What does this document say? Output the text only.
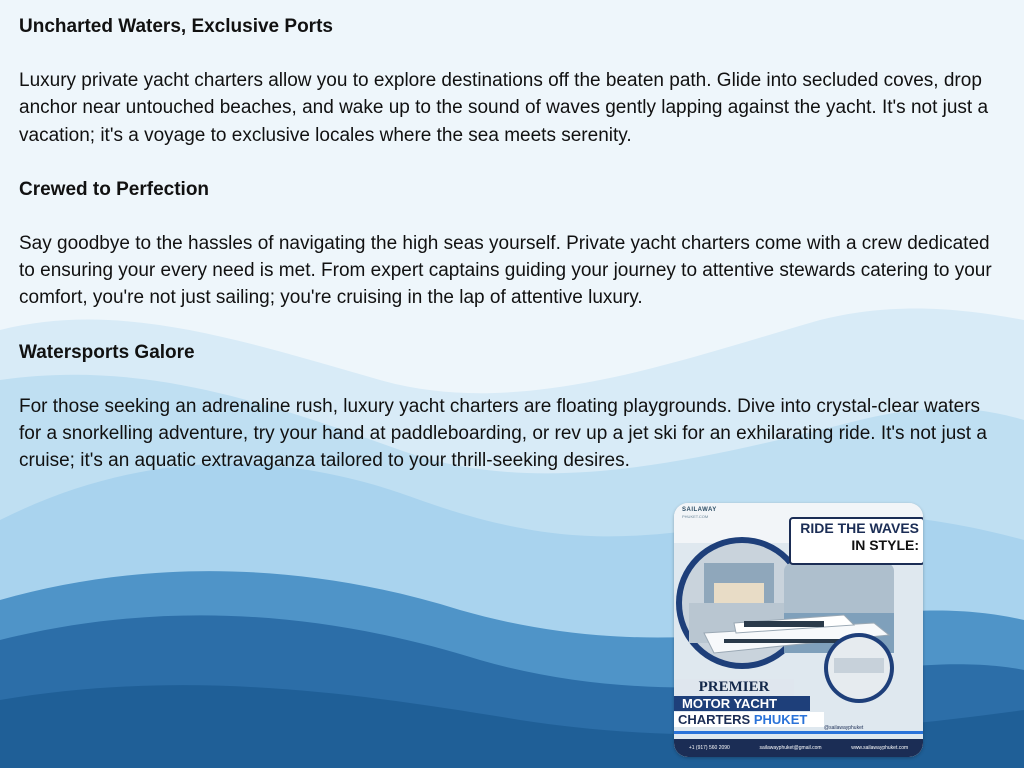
Uncharted Waters, Exclusive Ports

Luxury private yacht charters allow you to explore destinations off the beaten path. Glide into secluded coves, drop anchor near untouched beaches, and wake up to the sound of waves gently lapping against the yacht. It's not just a vacation; it's a voyage to exclusive locales where the sea meets serenity.

Crewed to Perfection

Say goodbye to the hassles of navigating the high seas yourself. Private yacht charters come with a crew dedicated to ensuring your every need is met. From expert captains guiding your journey to attentive stewards catering to your comfort, you're not just sailing; you're cruising in the lap of attentive luxury.

Watersports Galore

For those seeking an adrenaline rush, luxury yacht charters are floating playgrounds. Dive into crystal-clear waters for a snorkelling adventure, try your hand at paddleboarding, or rev up a jet ski for an exhilarating ride. It's not just a cruise; it's an aquatic extravaganza tailored to your thrill-seeking desires.

SAILAWAY
PHUKET.COM
RIDE THE WAVES
IN STYLE:
PREMIER
MOTOR YACHT
CHARTERS PHUKET
@sailawayphuket
+1 (917) 560 2090	sailawayphuket@gmail.com	www.sailawayphuket.com
